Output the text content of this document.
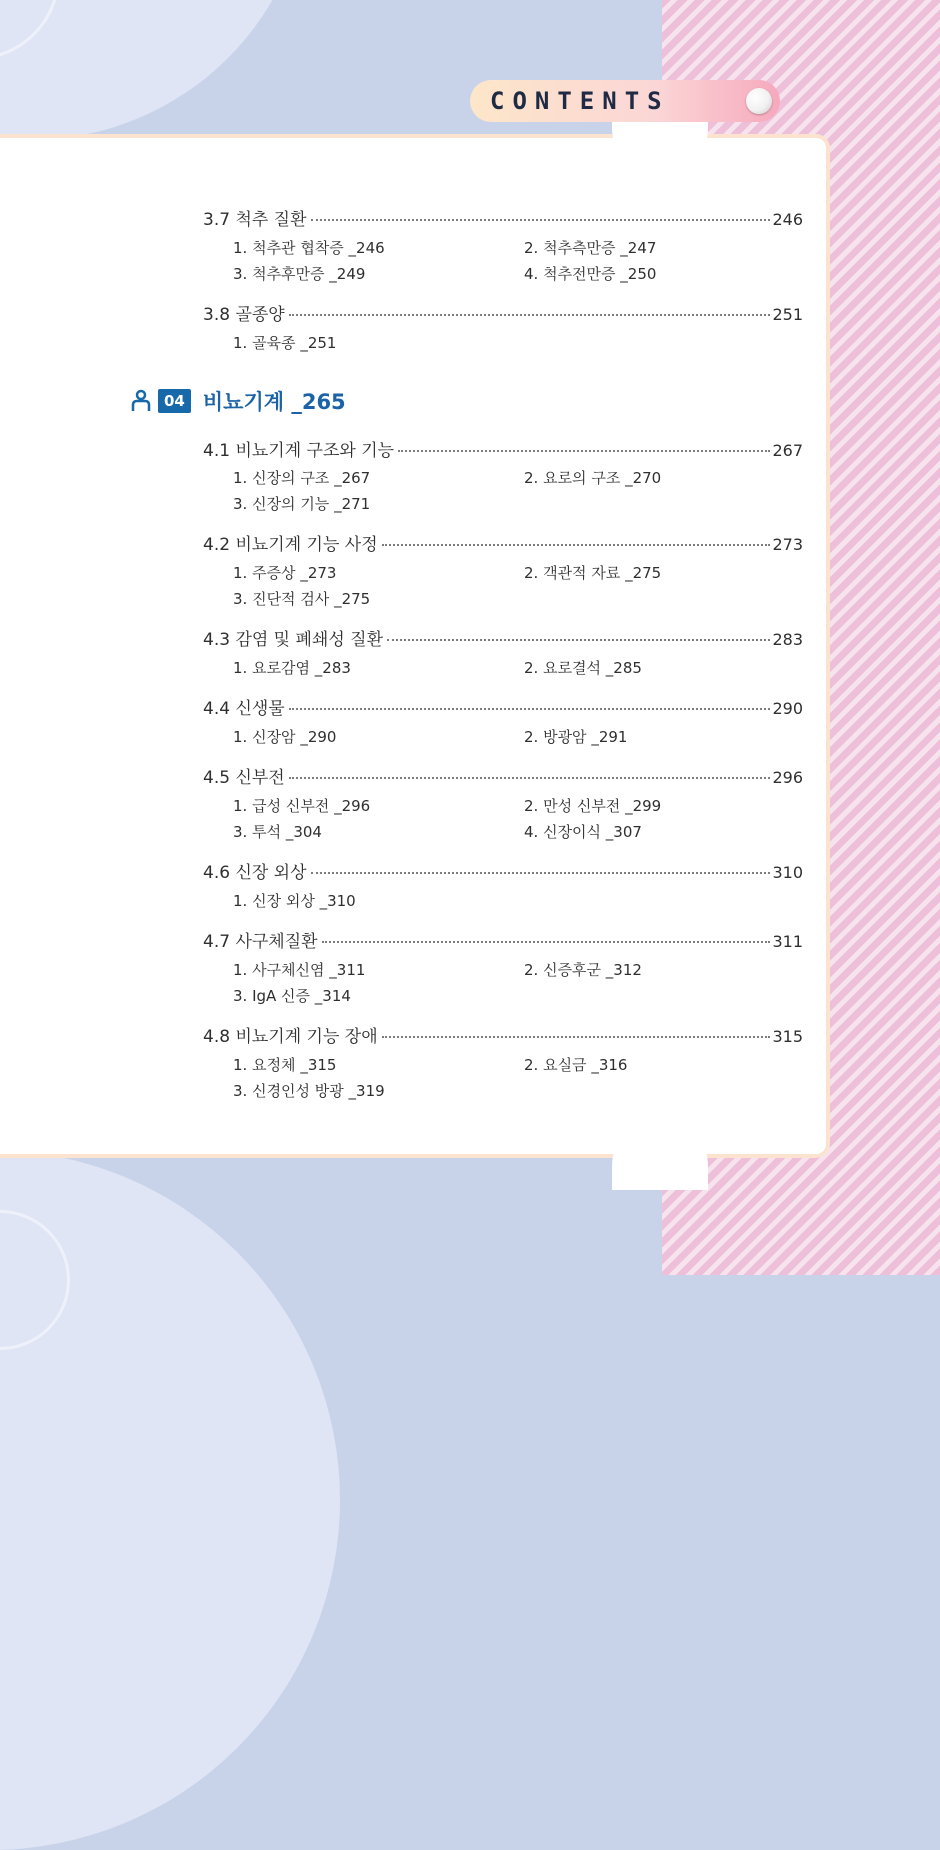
CONTENTS
3.7 척추 질환	246
1. 척추관 협착증 _246	2. 척추측만증 _247
3. 척추후만증 _249	4. 척추전만증 _250
3.8 골종양	251
1. 골육종 _251
04 비뇨기계 _265
4.1 비뇨기계 구조와 기능	267
1. 신장의 구조 _267	2. 요로의 구조 _270
3. 신장의 기능 _271
4.2 비뇨기계 기능 사정	273
1. 주증상 _273	2. 객관적 자료 _275
3. 진단적 검사 _275
4.3 감염 및 폐쇄성 질환	283
1. 요로감염 _283	2. 요로결석 _285
4.4 신생물	290
1. 신장암 _290	2. 방광암 _291
4.5 신부전	296
1. 급성 신부전 _296	2. 만성 신부전 _299
3. 투석 _304	4. 신장이식 _307
4.6 신장 외상	310
1. 신장 외상 _310
4.7 사구체질환	311
1. 사구체신염 _311	2. 신증후군 _312
3. IgA 신증 _314
4.8 비뇨기계 기능 장애	315
1. 요정체 _315	2. 요실금 _316
3. 신경인성 방광 _319
